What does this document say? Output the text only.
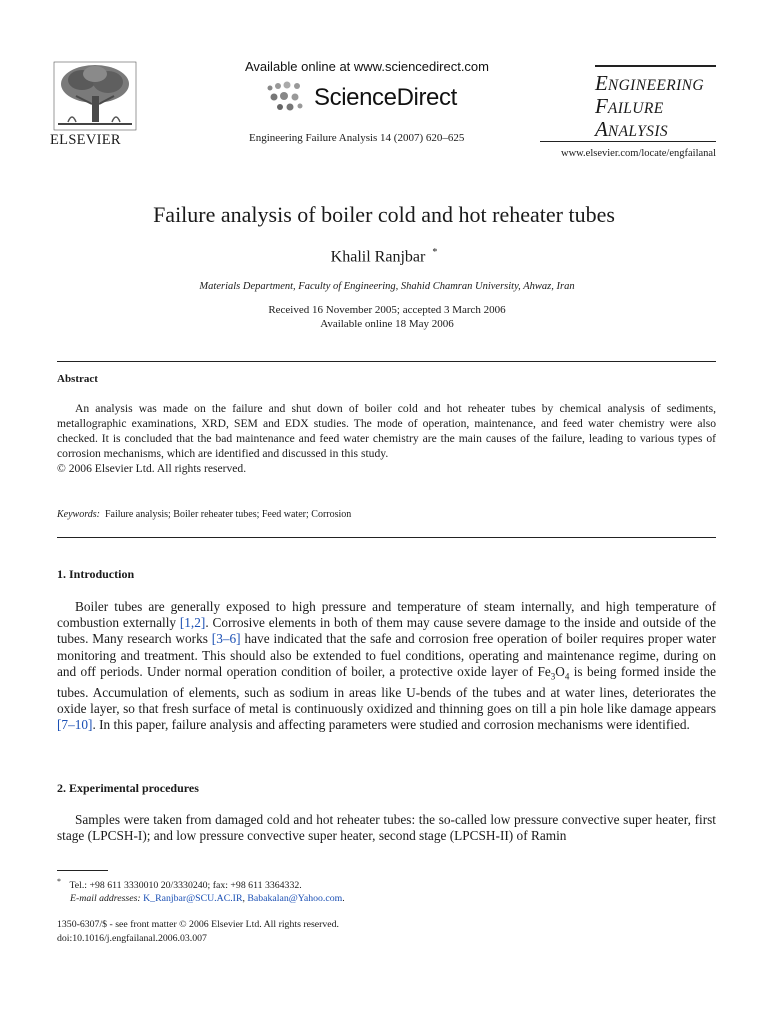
ELSEVIER
Available online at www.sciencedirect.com
ScienceDirect
Engineering Failure Analysis 14 (2007) 620–625
ENGINEERING
FAILURE
ANALYSIS
www.elsevier.com/locate/engfailanal
Failure analysis of boiler cold and hot reheater tubes
Khalil Ranjbar *
Materials Department, Faculty of Engineering, Shahid Chamran University, Ahwaz, Iran
Received 16 November 2005; accepted 3 March 2006
Available online 18 May 2006
Abstract
An analysis was made on the failure and shut down of boiler cold and hot reheater tubes by chemical analysis of sediments, metallographic examinations, XRD, SEM and EDX studies. The mode of operation, maintenance, and feed water chemistry were also checked. It is concluded that the bad maintenance and feed water chemistry are the main causes of the failure, leading to various types of corrosion mechanisms, which are identified and discussed in this study.
© 2006 Elsevier Ltd. All rights reserved.
Keywords: Failure analysis; Boiler reheater tubes; Feed water; Corrosion
1. Introduction

Boiler tubes are generally exposed to high pressure and temperature of steam internally, and high temperature of combustion externally [1,2]. Corrosive elements in both of them may cause severe damage to the inside and outside of the tubes. Many research works [3–6] have indicated that the safe and corrosion free operation of boiler requires proper water monitoring and treatment. This should also be extended to fuel conditions, operating and maintenance regime, during on and off periods. Under normal operation condition of boiler, a protective oxide layer of $Fe_3O_4$ is being formed inside the tubes. Accumulation of elements, such as sodium in areas like U-bends of the tubes and at water lines, deteriorates the oxide layer, so that fresh surface of metal is continuously oxidized and thinning goes on till a pin hole like damage appears [7–10]. In this paper, failure analysis and affecting parameters were studied and corrosion mechanisms were identified.

2. Experimental procedures

Samples were taken from damaged cold and hot reheater tubes: the so-called low pressure convective super heater, first stage (LPCSH-I); and low pressure convective super heater, second stage (LPCSH-II) of Ramin

* Tel.: +98 611 3330010 20/3330240; fax: +98 611 3364332.
E-mail addresses: K_Ranjbar@SCU.AC.IR, Babakalan@Yahoo.com.
1350-6307/$ - see front matter © 2006 Elsevier Ltd. All rights reserved.
doi:10.1016/j.engfailanal.2006.03.007
